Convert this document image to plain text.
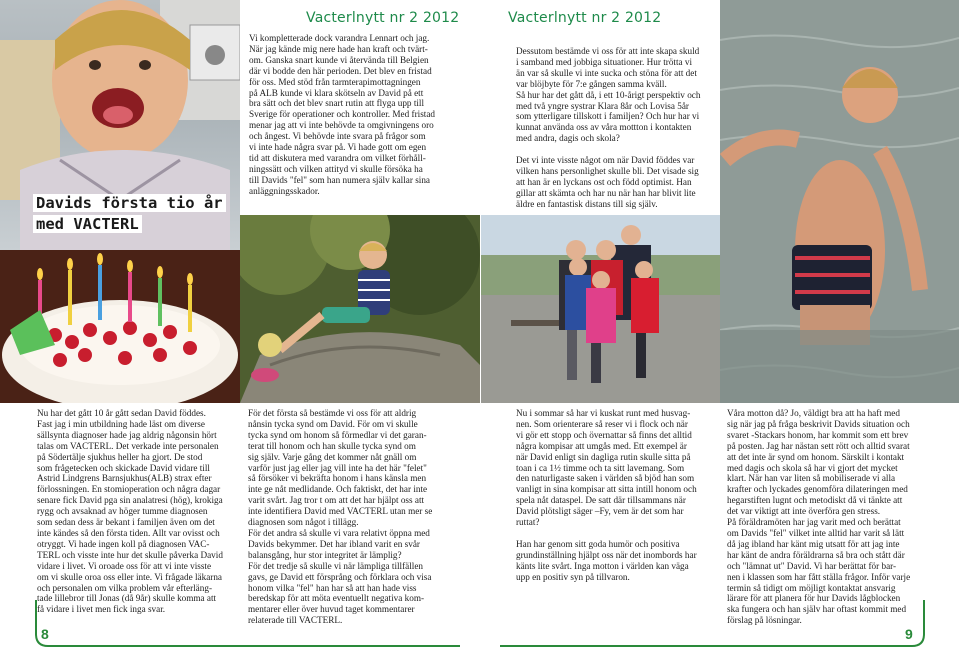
Davids första tio år
med VACTERL
Vacterlnytt nr 2 2012
Vi kompletterade dock varandra Lennart och jag.
När jag kände mig nere hade han kraft och tvärt-
om. Ganska snart kunde vi återvända till Belgien
där vi bodde den här perioden. Det blev en fristad
för oss. Med stöd från tarmterapimottagningen
på ALB kunde vi klara skötseln av David på ett
bra sätt och det blev snart rutin att flyga upp till
Sverige för operationer och kontroller. Med fristad
menar jag att vi inte behövde ta omgivningens oro
och ångest. Vi behövde inte svara på frågor som
vi inte hade några svar på. Vi hade gott om egen
tid att diskutera med varandra om vilket förhåll-
ningssätt och vilken attityd vi skulle försöka ha
till Davids "fel" som han numera själv kallar sina
anläggningsskador.
Nu har det gått 10 år gått sedan David föddes.
Fast jag i min utbildning hade läst om diverse
sällsynta diagnoser hade jag aldrig någonsin hört
talas om VACTERL. Det verkade inte personalen
på Södertälje sjukhus heller ha gjort. De stod
som frågetecken och skickade David vidare till
Astrid Lindgrens Barnsjukhus(ALB) strax efter
förlossningen. En stomioperation och några dagar
senare fick David pga sin analatresi (hög), krokiga
rygg och avsaknad av höger tumme diagnosen
som sedan dess är bekant i familjen även om det
inte kändes så den första tiden. Allt var ovisst och
otryggt. Vi hade ingen koll på diagnosen VAC-
TERL och visste inte hur det skulle påverka David
vidare i livet. Vi oroade oss för att vi inte visste
om vi skulle oroa oss eller inte. Vi frågade läkarna
och personalen om vilka problem vår efterläng-
tade lillebror till Jonas (då 9år) skulle komma att
få vidare i livet men fick inga svar.
För det första så bestämde vi oss för att aldrig
nånsin tycka synd om David. För om vi skulle
tycka synd om honom så förmedlar vi det garan-
terat till honom och han skulle tycka synd om
sig själv. Varje gång det kommer nåt gnäll om
varför just jag eller jag vill inte ha det här "felet"
så försöker vi bekräfta honom i hans känsla men
inte ge nåt medlidande. Och faktiskt, det har inte
varit svårt. Jag tror t om att det har hjälpt oss att
inte identifiera David med VACTERL utan mer se
diagnosen som något i tillägg.
För det andra så skulle vi vara relativt öppna med
Davids bekymmer. Det har ibland varit en svår
balansgång, hur stor integritet är lämplig?
För det tredje så skulle vi när lämpliga tillfällen
gavs, ge David ett försprång och förklara och visa
honom vilka "fel" han har så att han hade viss
beredskap för att möta eventuellt negativa kom-
mentarer eller över huvud taget kommentarer
relaterade till VACTERL.
8
Vacterlnytt nr 2 2012
Dessutom bestämde vi oss för att inte skapa skuld
i samband med jobbiga situationer. Hur trötta vi
än var så skulle vi inte sucka och stöna för att det
var blöjbyte för 7:e gången samma kväll.
Så hur har det gått då, i ett 10-årigt perspektiv och
med två yngre systrar Klara 8år och Lovisa 5år
som ytterligare tillskott i familjen? Och hur har vi
kunnat använda oss av våra mottton i kontakten
med andra, dagis och skola?

Det vi inte visste något om när David föddes var
vilken hans personlighet skulle bli. Det visade sig
att han är en lyckans ost och född optimist. Han
gillar att skämta och har nu när han har blivit lite
äldre en fantastisk distans till sig själv.
Nu i sommar så har vi kuskat runt med husvag-
nen. Som orienterare så reser vi i flock och när
vi gör ett stopp och övernattar så finns det alltid
några kompisar att umgås med. Ett exempel är
när David enligt sin dagliga rutin skulle sitta på
toan i ca 1½ timme och ta sitt lavemang. Som
den naturligaste saken i världen så bjöd han som
vanligt in sina kompisar att sitta intill honom och
spela nåt dataspel. De satt där tillsammans när
David plötsligt säger –Fy, vem är det som har
ruttat?

Han har genom sitt goda humör och positiva
grundinställning hjälpt oss när det inombords har
känts lite svårt. Inga motton i världen kan väga
upp en positiv syn på tillvaron.
Våra motton då? Jo, väldigt bra att ha haft med
sig när jag på fråga beskrivit Davids situation och
svaret -Stackars honom, har kommit som ett brev
på posten. Jag har nästan sett rött och alltid svarat
att det inte är synd om honom. Särskilt i kontakt
med dagis och skola så har vi gjort det mycket
klart. När han var liten så mobiliserade vi alla
krafter och lyckades genomföra dilateringen med
hegarstiften lugnt och metodiskt då vi tänkte att
det var viktigt att inte överföra gen stress.
På föräldramöten har jag varit med och berättat
om Davids "fel" vilket inte alltid har varit så lätt
då jag ibland har känt mig utsatt för att jag inte
har känt de andra föräldrarna så bra och stått där
och "lämnat ut" David. Vi har berättat för bar-
nen i klassen som har fått ställa frågor. Inför varje
termin så tidigt om möjligt kontaktat ansvarig
lärare för att planera för hur Davids lågblocken
ska fungera och han själv har oftast kommit med
förslag på lösningar.
9
